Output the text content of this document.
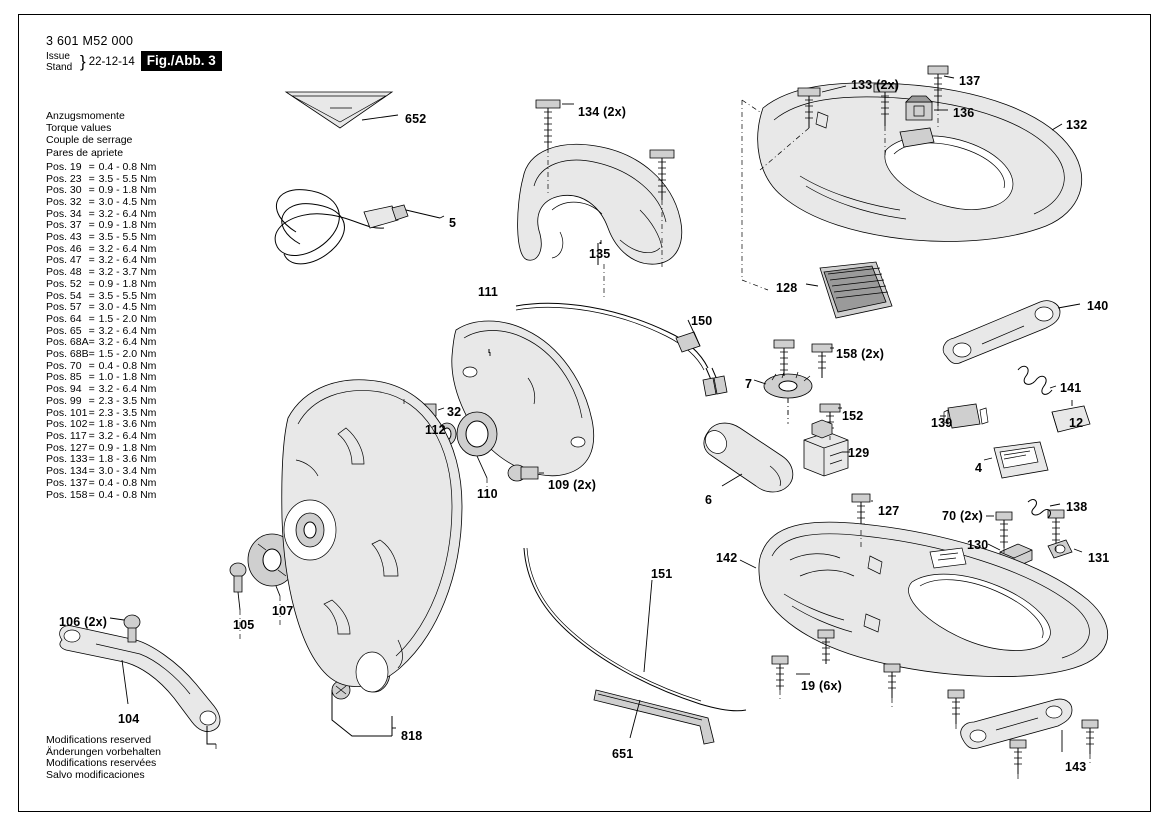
3 601 M52 000
Issue
Stand } 22-12-14 Fig./Abb. 3
Anzugsmomente
Torque values
Couple de serrage
Pares de apriete
Pos. 19	=	0.4 - 0.8 Nm
Pos. 23	=	3.5 - 5.5 Nm
Pos. 30	=	0.9 - 1.8 Nm
Pos. 32	=	3.0 - 4.5 Nm
Pos. 34	=	3.2 - 6.4 Nm
Pos. 37	=	0.9 - 1.8 Nm
Pos. 43	=	3.5 - 5.5 Nm
Pos. 46	=	3.2 - 6.4 Nm
Pos. 47	=	3.2 - 6.4 Nm
Pos. 48	=	3.2 - 3.7 Nm
Pos. 52	=	0.9 - 1.8 Nm
Pos. 54	=	3.5 - 5.5 Nm
Pos. 57	=	3.0 - 4.5 Nm
Pos. 64	=	1.5 - 2.0 Nm
Pos. 65	=	3.2 - 6.4 Nm
Pos. 68A	=	3.2 - 6.4 Nm
Pos. 68B	=	1.5 - 2.0 Nm
Pos. 70	=	0.4 - 0.8 Nm
Pos. 85	=	1.0 - 1.8 Nm
Pos. 94	=	3.2 - 6.4 Nm
Pos. 99	=	2.3 - 3.5 Nm
Pos. 101	=	2.3 - 3.5 Nm
Pos. 102	=	1.8 - 3.6 Nm
Pos. 117	=	3.2 - 6.4 Nm
Pos. 127	=	0.9 - 1.8 Nm
Pos. 133	=	1.8 - 3.6 Nm
Pos. 134	=	3.0 - 3.4 Nm
Pos. 137	=	0.4 - 0.8 Nm
Pos. 158	=	0.4 - 0.8 Nm
Modifications reserved
Änderungen vorbehalten
Modifications reservées
Salvo modificaciones
652	134 (2x)
133 (2x)	137
136
132
5
135
128
140
111
150
158 (2x)
141
7
32
112
152	139	12
129
4
110
109 (2x)
6
127	70 (2x)
138
130
131
142
151
105
107
106 (2x)
19 (6x)
104
818
651
143
